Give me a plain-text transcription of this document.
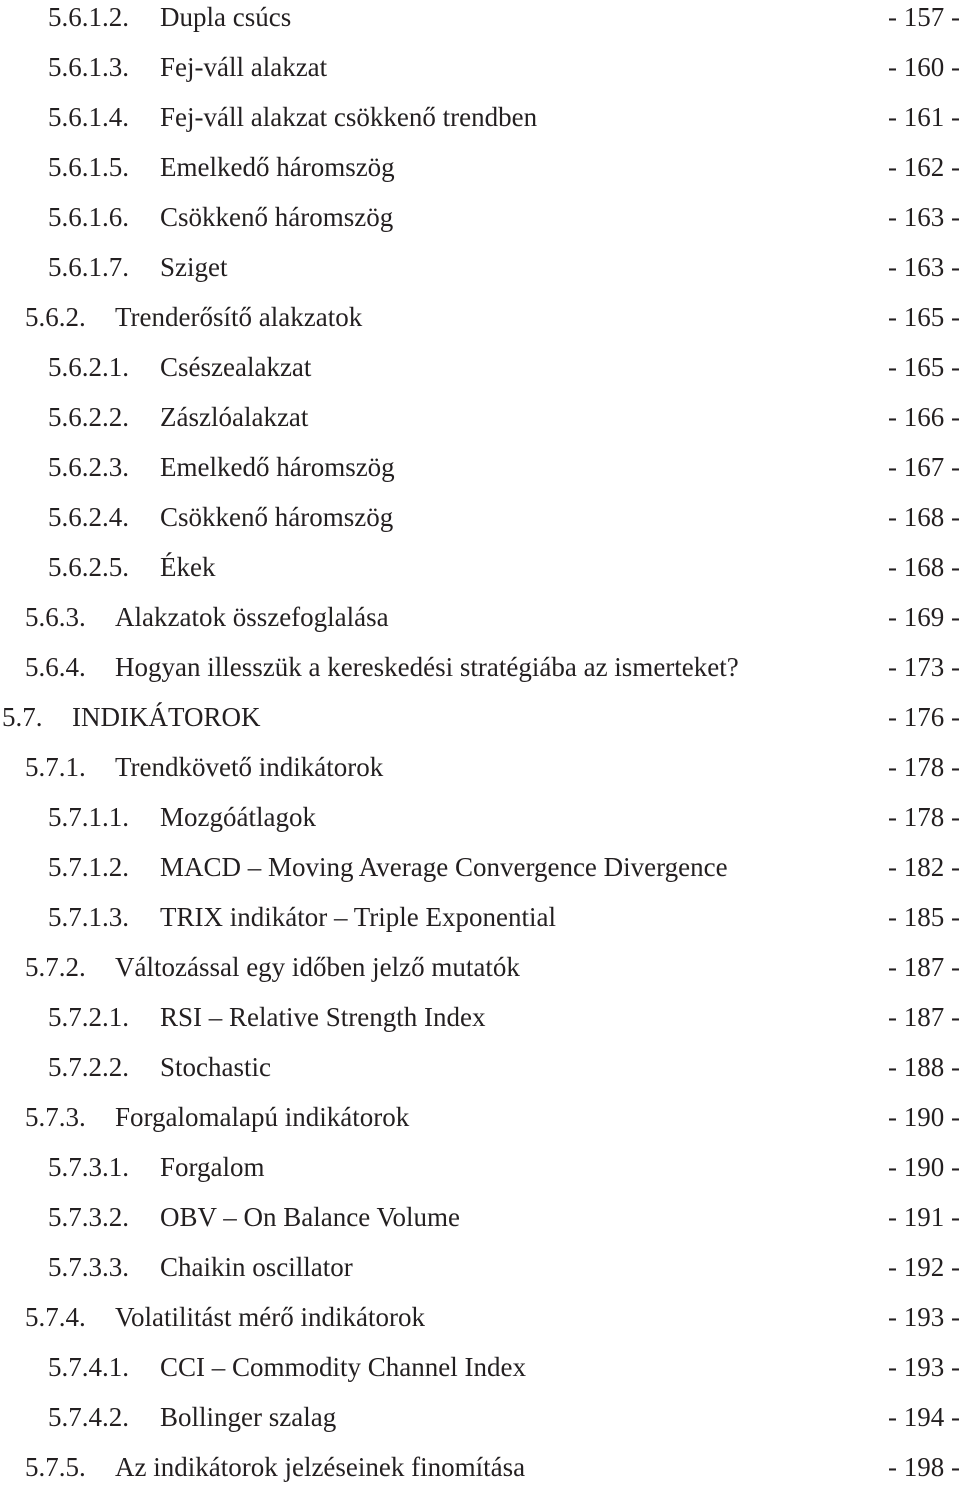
5.6.1.2. Dupla csúcs	- 157 -
5.6.1.3. Fej-váll alakzat	- 160 -
5.6.1.4. Fej-váll alakzat csökkenő trendben	- 161 -
5.6.1.5. Emelkedő háromszög	- 162 -
5.6.1.6. Csökkenő háromszög	- 163 -
5.6.1.7. Sziget	- 163 -
5.6.2. Trenderősítő alakzatok	- 165 -
5.6.2.1. Csészealakzat	- 165 -
5.6.2.2. Zászlóalakzat	- 166 -
5.6.2.3. Emelkedő háromszög	- 167 -
5.6.2.4. Csökkenő háromszög	- 168 -
5.6.2.5. Ékek	- 168 -
5.6.3. Alakzatok összefoglalása	- 169 -
5.6.4. Hogyan illesszük a kereskedési stratégiába az ismerteket?	- 173 -
5.7. INDIKÁTOROK	- 176 -
5.7.1. Trendkövető indikátorok	- 178 -
5.7.1.1. Mozgóátlagok	- 178 -
5.7.1.2. MACD – Moving Average Convergence Divergence	- 182 -
5.7.1.3. TRIX indikátor – Triple Exponential	- 185 -
5.7.2. Változással egy időben jelző mutatók	- 187 -
5.7.2.1. RSI – Relative Strength Index	- 187 -
5.7.2.2. Stochastic	- 188 -
5.7.3. Forgalomalapú indikátorok	- 190 -
5.7.3.1. Forgalom	- 190 -
5.7.3.2. OBV – On Balance Volume	- 191 -
5.7.3.3. Chaikin oscillator	- 192 -
5.7.4. Volatilitást mérő indikátorok	- 193 -
5.7.4.1. CCI – Commodity Channel Index	- 193 -
5.7.4.2. Bollinger szalag	- 194 -
5.7.5. Az indikátorok jelzéseinek finomítása	- 198 -
